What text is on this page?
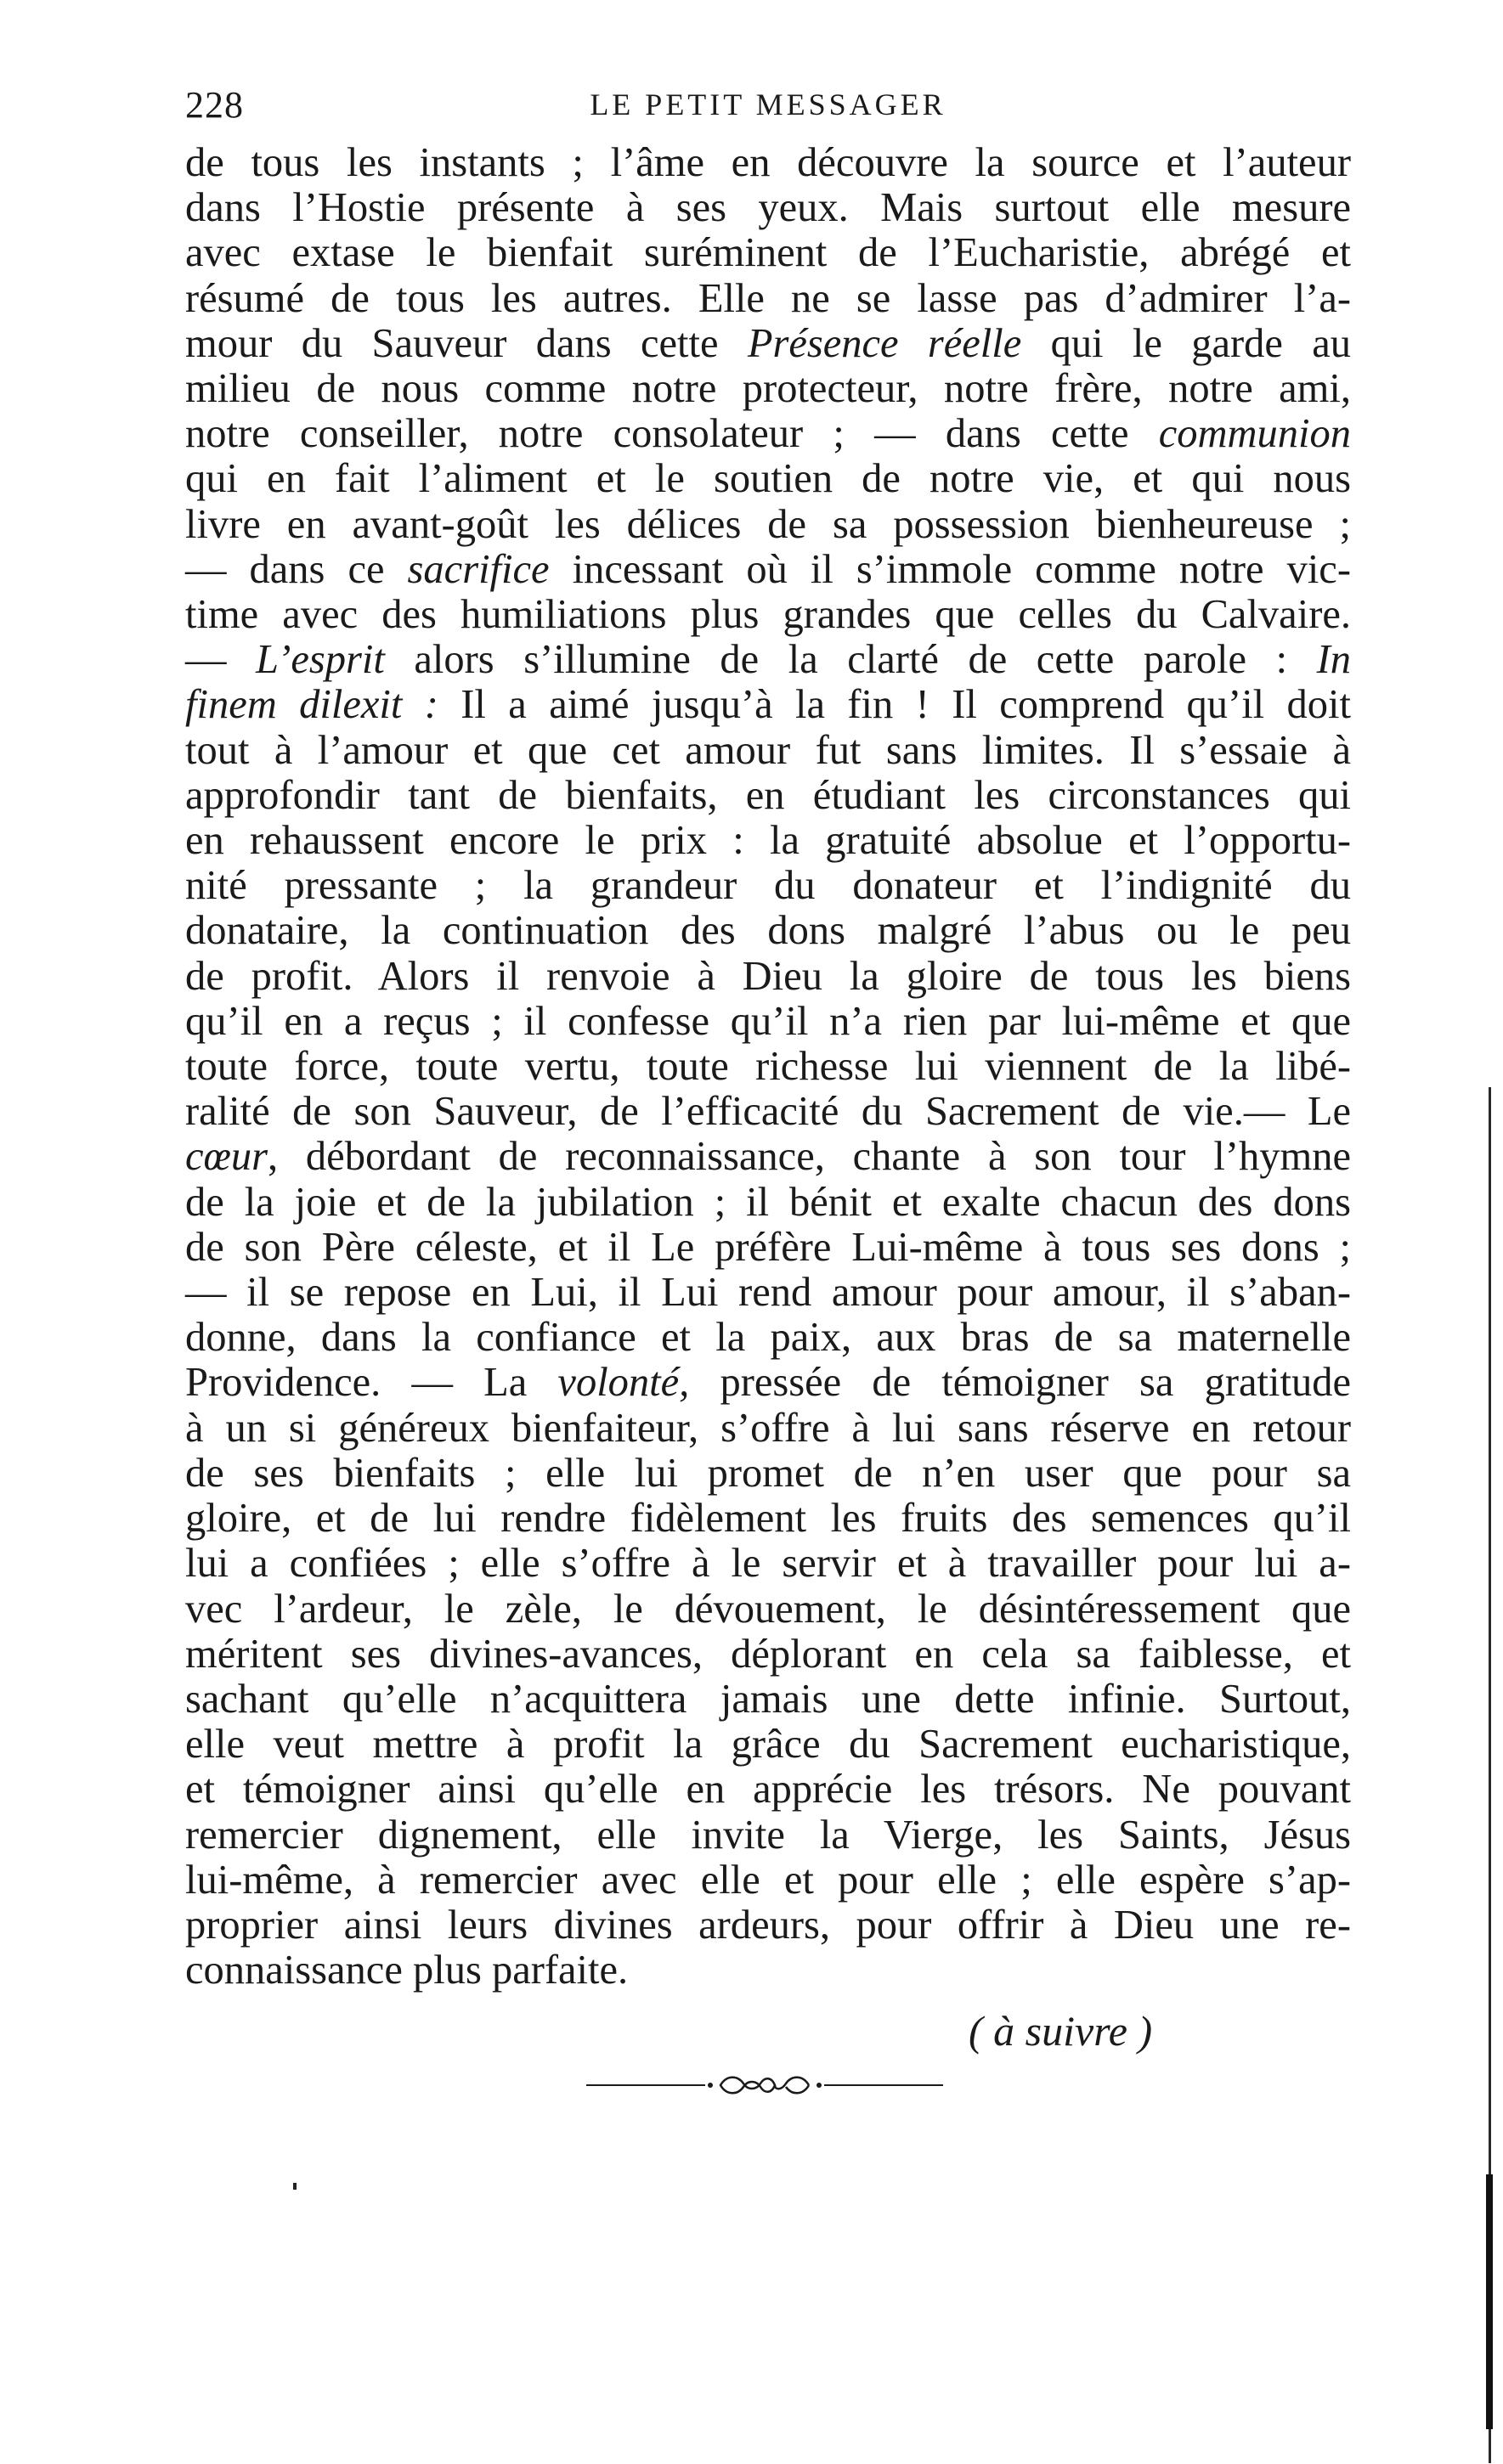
228	LE PETIT MESSAGER
de tous les instants ; l’âme en découvre la source et l’auteur
dans l’Hostie présente à ses yeux. Mais surtout elle mesure
avec extase le bienfait suréminent de l’Eucharistie, abrégé et
résumé de tous les autres. Elle ne se lasse pas d’admirer l’a-
mour du Sauveur dans cette Présence réelle qui le garde au
milieu de nous comme notre protecteur, notre frère, notre ami,
notre conseiller, notre consolateur ; — dans cette communion
qui en fait l’aliment et le soutien de notre vie, et qui nous
livre en avant-goût les délices de sa possession bienheureuse ;
— dans ce sacrifice incessant où il s’immole comme notre vic-
time avec des humiliations plus grandes que celles du Calvaire.
— L’esprit alors s’illumine de la clarté de cette parole : In
finem dilexit : Il a aimé jusqu’à la fin ! Il comprend qu’il doit
tout à l’amour et que cet amour fut sans limites. Il s’essaie à
approfondir tant de bienfaits, en étudiant les circonstances qui
en rehaussent encore le prix : la gratuité absolue et l’opportu-
nité pressante ; la grandeur du donateur et l’indignité du
donataire, la continuation des dons malgré l’abus ou le peu
de profit. Alors il renvoie à Dieu la gloire de tous les biens
qu’il en a reçus ; il confesse qu’il n’a rien par lui-même et que
toute force, toute vertu, toute richesse lui viennent de la libé-
ralité de son Sauveur, de l’efficacité du Sacrement de vie.— Le
cœur, débordant de reconnaissance, chante à son tour l’hymne
de la joie et de la jubilation ; il bénit et exalte chacun des dons
de son Père céleste, et il Le préfère Lui-même à tous ses dons ;
— il se repose en Lui, il Lui rend amour pour amour, il s’aban-
donne, dans la confiance et la paix, aux bras de sa maternelle
Providence. — La volonté, pressée de témoigner sa gratitude
à un si généreux bienfaiteur, s’offre à lui sans réserve en retour
de ses bienfaits ; elle lui promet de n’en user que pour sa
gloire, et de lui rendre fidèlement les fruits des semences qu’il
lui a confiées ; elle s’offre à le servir et à travailler pour lui a-
vec l’ardeur, le zèle, le dévouement, le désintéressement que
méritent ses divines-avances, déplorant en cela sa faiblesse, et
sachant qu’elle n’acquittera jamais une dette infinie. Surtout,
elle veut mettre à profit la grâce du Sacrement eucharistique,
et témoigner ainsi qu’elle en apprécie les trésors. Ne pouvant
remercier dignement, elle invite la Vierge, les Saints, Jésus
lui-même, à remercier avec elle et pour elle ; elle espère s’ap-
proprier ainsi leurs divines ardeurs, pour offrir à Dieu une re-
connaissance plus parfaite.
( à suivre )
